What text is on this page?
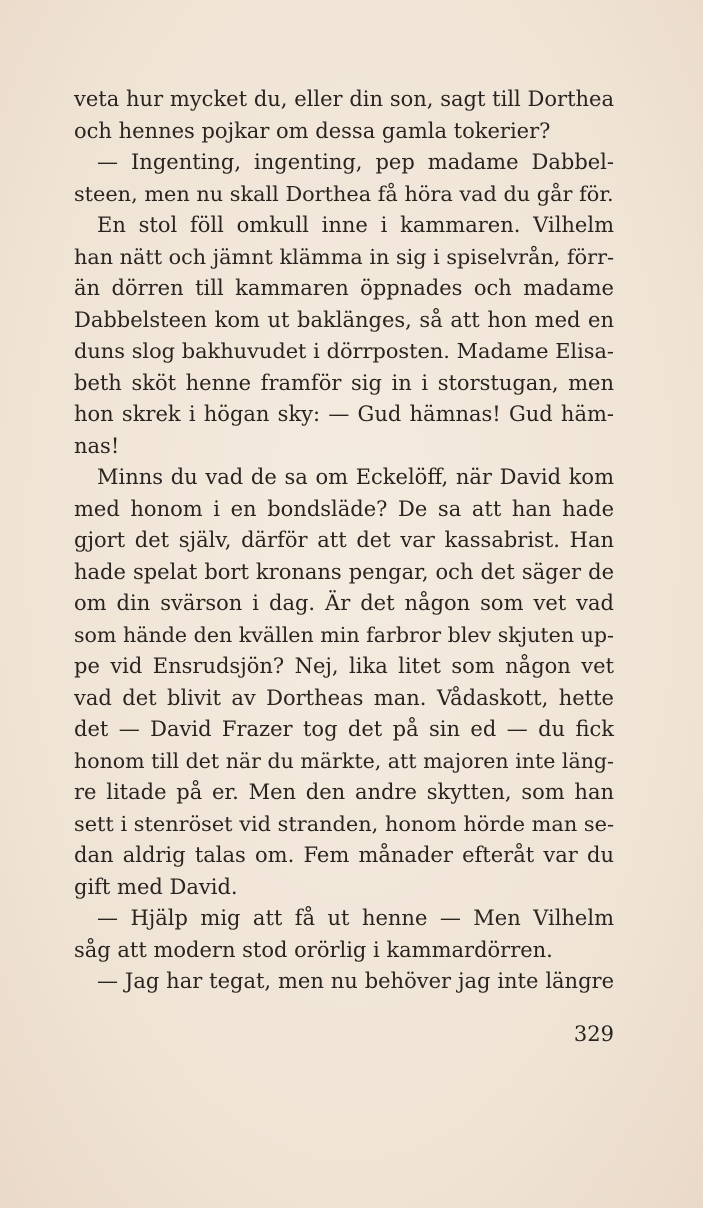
veta hur mycket du, eller din son, sagt till Dorthea
och hennes pojkar om dessa gamla tokerier?
— Ingenting, ingenting, pep madame Dabbel-
steen, men nu skall Dorthea få höra vad du går för.
En stol föll omkull inne i kammaren. Vilhelm
han nätt och jämnt klämma in sig i spiselvrån, förr-
än dörren till kammaren öppnades och madame
Dabbelsteen kom ut baklänges, så att hon med en
duns slog bakhuvudet i dörrposten. Madame Elisa-
beth sköt henne framför sig in i storstugan, men
hon skrek i högan sky: — Gud hämnas! Gud häm-
nas!
Minns du vad de sa om Eckelöff, när David kom
med honom i en bondsläde? De sa att han hade
gjort det själv, därför att det var kassabrist. Han
hade spelat bort kronans pengar, och det säger de
om din svärson i dag. Är det någon som vet vad
som hände den kvällen min farbror blev skjuten up-
pe vid Ensrudsjön? Nej, lika litet som någon vet
vad det blivit av Dortheas man. Vådaskott, hette
det — David Frazer tog det på sin ed — du fick
honom till det när du märkte, att majoren inte läng-
re litade på er. Men den andre skytten, som han
sett i stenröset vid stranden, honom hörde man se-
dan aldrig talas om. Fem månader efteråt var du
gift med David.
— Hjälp mig att få ut henne — Men Vilhelm
såg att modern stod orörlig i kammardörren.
— Jag har tegat, men nu behöver jag inte längre
329
